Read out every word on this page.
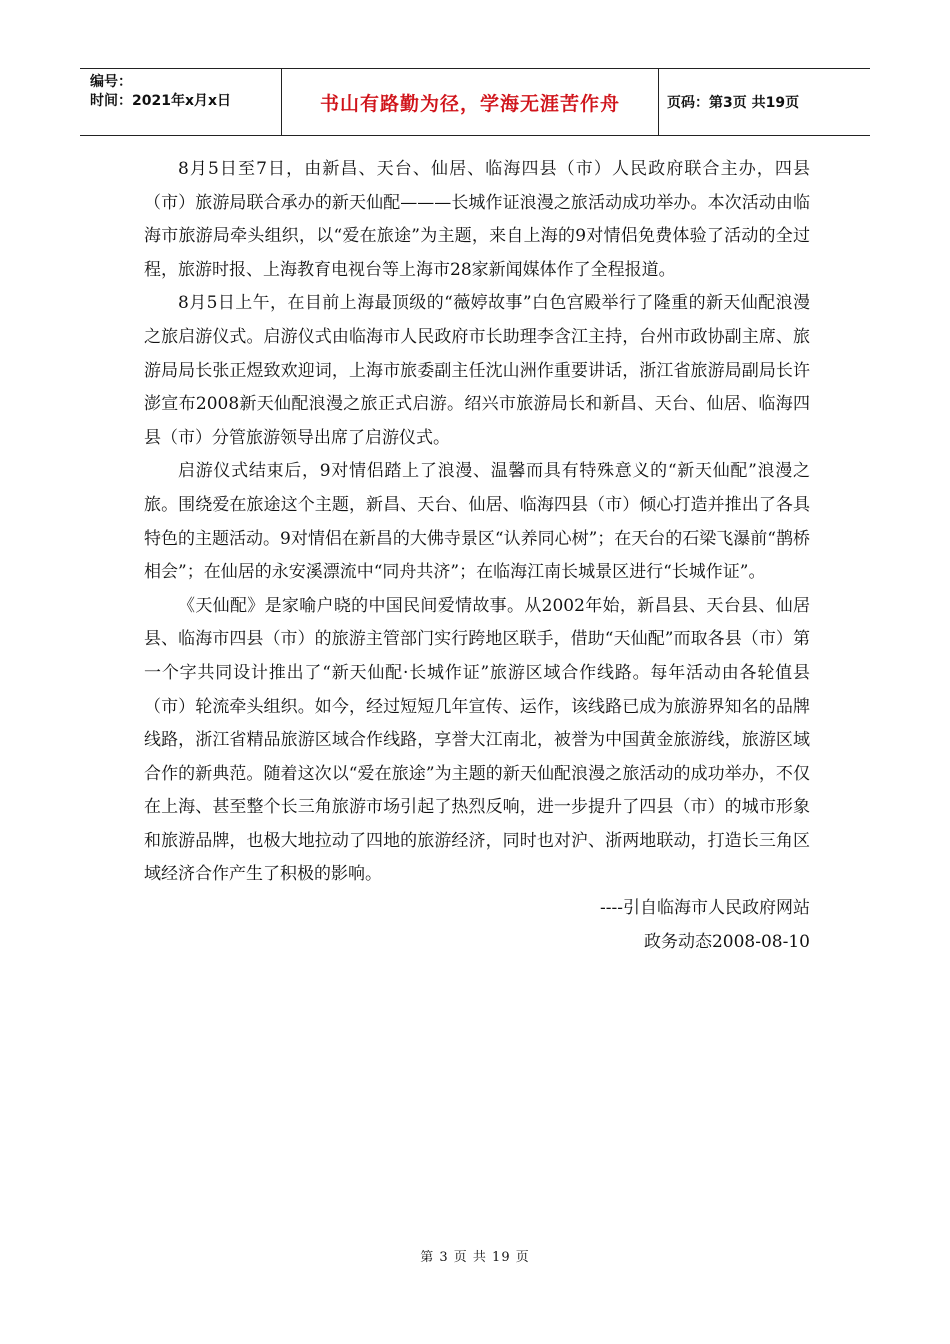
编号：
时间：2021年x月x日	书山有路勤为径，学海无涯苦作舟	页码：第3页 共19页

8月5日至7日，由新昌、天台、仙居、临海四县（市）人民政府联合主办，四县（市）旅游局联合承办的新天仙配———长城作证浪漫之旅活动成功举办。本次活动由临海市旅游局牵头组织，以“爱在旅途”为主题，来自上海的9对情侣免费体验了活动的全过程，旅游时报、上海教育电视台等上海市28家新闻媒体作了全程报道。

8月5日上午，在目前上海最顶级的“薇婷故事”白色宫殿举行了隆重的新天仙配浪漫之旅启游仪式。启游仪式由临海市人民政府市长助理李含江主持，台州市政协副主席、旅游局局长张正煜致欢迎词，上海市旅委副主任沈山洲作重要讲话，浙江省旅游局副局长许澎宣布2008新天仙配浪漫之旅正式启游。绍兴市旅游局长和新昌、天台、仙居、临海四县（市）分管旅游领导出席了启游仪式。

启游仪式结束后，9对情侣踏上了浪漫、温馨而具有特殊意义的“新天仙配”浪漫之旅。围绕爱在旅途这个主题，新昌、天台、仙居、临海四县（市）倾心打造并推出了各具特色的主题活动。9对情侣在新昌的大佛寺景区“认养同心树”；在天台的石梁飞瀑前“鹊桥相会”；在仙居的永安溪漂流中“同舟共济”；在临海江南长城景区进行“长城作证”。

《天仙配》是家喻户晓的中国民间爱情故事。从2002年始，新昌县、天台县、仙居县、临海市四县（市）的旅游主管部门实行跨地区联手，借助“天仙配”而取各县（市）第一个字共同设计推出了“新天仙配·长城作证”旅游区域合作线路。每年活动由各轮值县（市）轮流牵头组织。如今，经过短短几年宣传、运作，该线路已成为旅游界知名的品牌线路，浙江省精品旅游区域合作线路，享誉大江南北，被誉为中国黄金旅游线，旅游区域合作的新典范。随着这次以“爱在旅途”为主题的新天仙配浪漫之旅活动的成功举办，不仅在上海、甚至整个长三角旅游市场引起了热烈反响，进一步提升了四县（市）的城市形象和旅游品牌，也极大地拉动了四地的旅游经济，同时也对沪、浙两地联动，打造长三角区域经济合作产生了积极的影响。

----引自临海市人民政府网站

政务动态2008-08-10

第 3 页 共 19 页
